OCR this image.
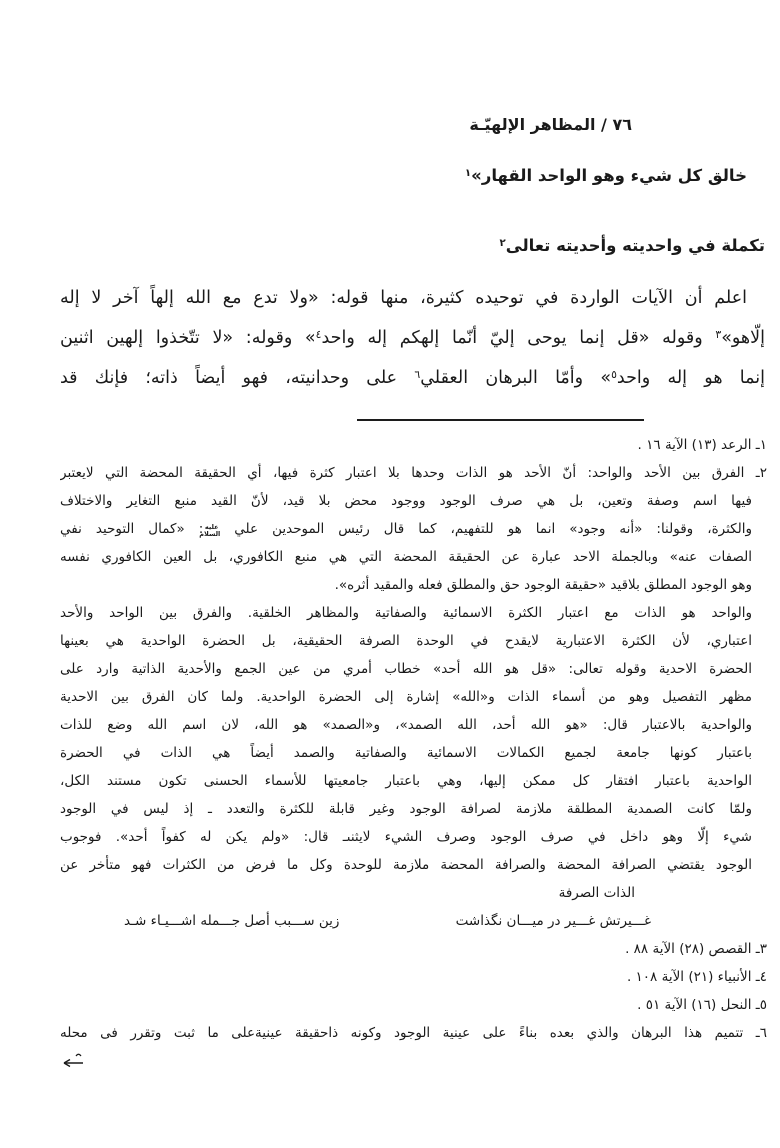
٧٦ / المظاهر الإلهيّـة
خالق كل شيء وهو الواحد القهار»$^١$
تكملة في واحديته وأحديته تعالى$^٢$
اعلم أن الآيات الواردة في توحيده كثيرة، منها قوله: «ولا تدع مع الله إلهاً آخر لا إله
إلّاهو»$^٣$ وقوله «قل إنما يوحى إليّ أنّما إلهكم إله واحد$^٤$» وقوله: «لا تتّخذوا إلهين اثنين
إنما هو إله واحد$^٥$» وأمّا البرهان العقلي$^٦$ على وحدانيته، فهو أيضاً ذاته؛ فإنك قد
١ـ الرعد (١٣) الآية ١٦ .
٢ـ الفرق بين الأحد والواحد: أنّ الأحد هو الذات وحدها بلا اعتبار كثرة فيها، أي الحقيقة المحضة التي لايعتبر
فيها اسم وصفة وتعين، بل هي صرف الوجود ووجود محض بلا قيد، لأنّ القيد منبع التغاير والاختلاف
والكثرة، وقولنا: «أنه وجود» انما هو للتفهيم، كما قال رئيس الموحدين علي عليه السلام: «كمال التوحيد نفي
الصفات عنه» وبالجملة الاحد عبارة عن الحقيقة المحضة التي هي منبع الكافوري، بل العين الكافوري نفسه
وهو الوجود المطلق بلاقيد «حقيقة الوجود حق والمطلق فعله والمقيد أثره».
والواحد هو الذات مع اعتبار الكثرة الاسمائية والصفاتية والمظاهر الخلقية. والفرق بين الواحد والأحد
اعتباري، لأن الكثرة الاعتبارية لايقدح في الوحدة الصرفة الحقيقية، بل الحضرة الواحدية هي بعينها
الحضرة الاحدية وقوله تعالى: «قل هو الله أحد» خطاب أمري من عين الجمع والأحدية الذاتية وارد على
مظهر التفصيل وهو من أسماء الذات و«الله» إشارة إلى الحضرة الواحدية. ولما كان الفرق بين الاحدية
والواحدية بالاعتبار قال: «هو الله أحد، الله الصمد»، و«الصمد» هو الله، لان اسم الله وضع للذات
باعتبار كونها جامعة لجميع الكمالات الاسمائية والصفاتية والصمد أيضاً هي الذات في الحضرة
الواحدية باعتبار افتقار كل ممكن إليها، وهي باعتبار جامعيتها للأسماء الحسنى تكون مستند الكل،
ولمّا كانت الصمدية المطلقة ملازمة لصرافة الوجود وغير قابلة للكثرة والتعدد ـ إذ ليس في الوجود
شيء إلّا وهو داخل في صرف الوجود وصرف الشيء لايثنىـ قال: «ولم يكن له كفواً أحد». فوجوب
الوجود يقتضي الصرافة المحضة والصرافة المحضة ملازمة للوحدة وكل ما فرض من الكثرات فهو متأخر عن
الذات الصرفة
غـــيرتش غـــير در ميـــان نگذاشت
زين ســـبب أصل جـــمله اشـــيـاء شـد
٣ـ القصص (٢٨) الآية ٨٨ .
٤ـ الأنبياء (٢١) الآية ١٠٨ .
٥ـ النحل (١٦) الآية ٥١ .
٦ـ تتميم هذا البرهان والذي بعده بناءً على عينية الوجود وكونه ذاحقيقة عينيةعلى ما ثبت وتقرر فى محله
